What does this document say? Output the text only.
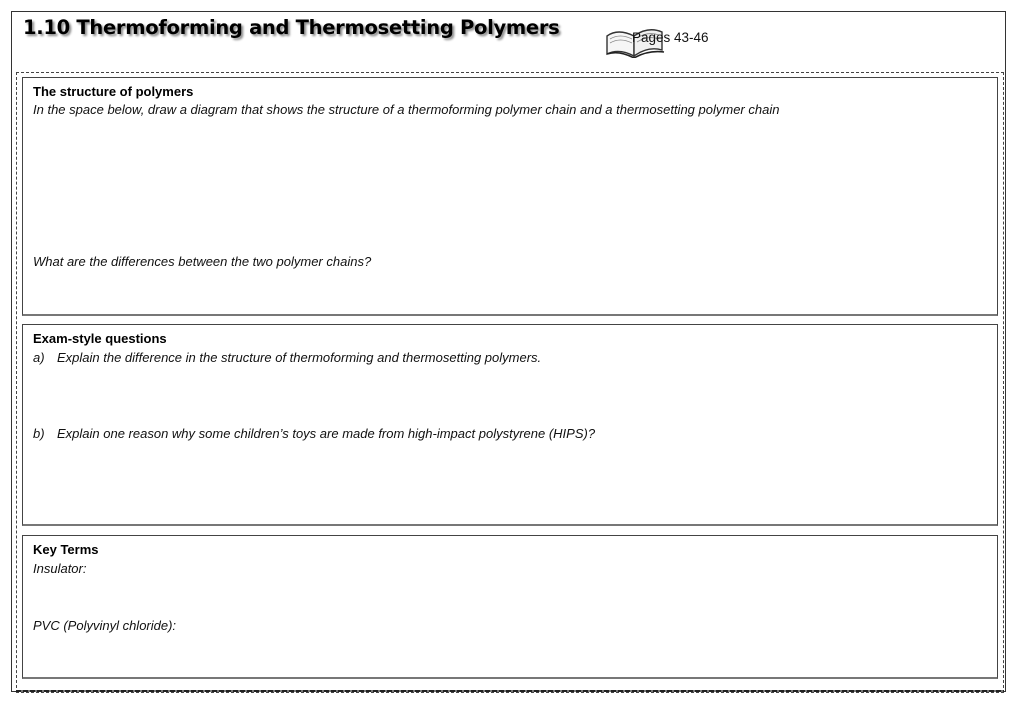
1.10 Thermoforming and Thermosetting Polymers	Pages 43-46
The structure of polymers
In the space below, draw a diagram that shows the structure of a thermoforming polymer chain and a thermosetting polymer chain
What are the differences between the two polymer chains?
Exam-style questions
a) Explain the difference in the structure of thermoforming and thermosetting polymers.
b) Explain one reason why some children’s toys are made from high-impact polystyrene (HIPS)?
Key Terms
Insulator:
PVC (Polyvinyl chloride):
